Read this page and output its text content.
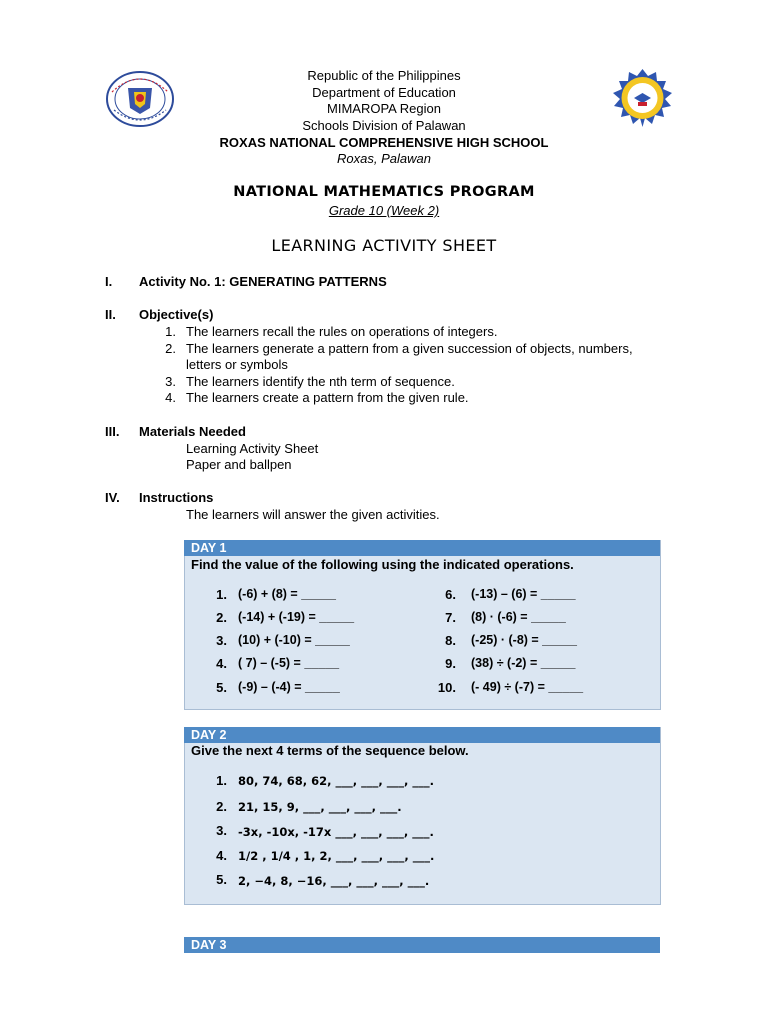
Republic of the Philippines
Department of Education
MIMAROPA Region
Schools Division of Palawan
ROXAS NATIONAL COMPREHENSIVE HIGH SCHOOL
Roxas, Palawan
NATIONAL MATHEMATICS PROGRAM
Grade 10 (Week 2)
LEARNING ACTIVITY SHEET
I.	Activity No. 1: GENERATING PATTERNS
II.	Objective(s)
1. The learners recall the rules on operations of integers.
2. The learners generate a pattern from a given succession of objects, numbers,
letters or symbols
3. The learners identify the nth term of sequence.
4. The learners create a pattern from the given rule.
III.	Materials Needed
Learning Activity Sheet
Paper and ballpen
IV.	Instructions
The learners will answer the given activities.
DAY 1
Find the value of the following using the indicated operations.
1. (-6) + (8) = _____
2. (-14) + (-19) = _____
3. (10) + (-10) = _____
4. ( 7) – (-5) = _____
5. (-9) – (-4) = _____
6. (-13) – (6) = _____
7. (8) · (-6) = _____
8. (-25) · (-8) = _____
9. (38) ÷ (-2) = _____
10. (- 49) ÷ (-7) = _____
DAY 2
Give the next 4 terms of the sequence below.
1. 80, 74, 68, 62, ___, ___, ___, ___.
2. 21, 15, 9, ___, ___, ___, ___.
3. -3x, -10x, -17x ___, ___, ___, ___.
4. 1/2 , 1/4 , 1, 2, ___, ___, ___, ___.
5. 2, −4, 8, −16, ___, ___, ___, ___.
DAY 3
